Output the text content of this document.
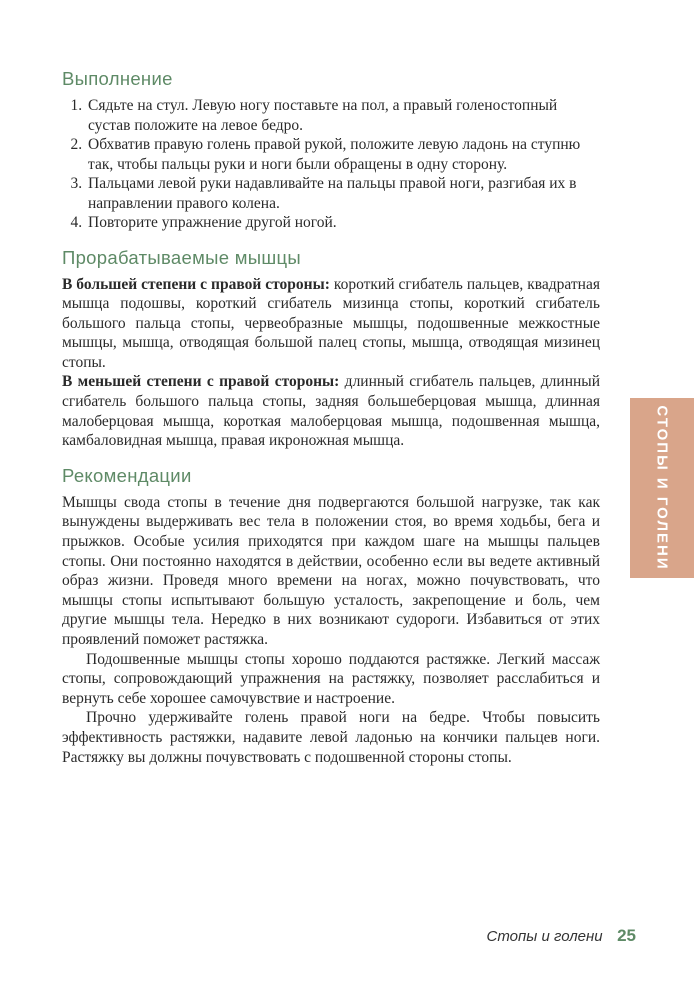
Выполнение
1. Сядьте на стул. Левую ногу поставьте на пол, а правый голеностопный сустав положите на левое бедро.
2. Обхватив правую голень правой рукой, положите левую ладонь на ступню так, чтобы пальцы руки и ноги были обращены в одну сторону.
3. Пальцами левой руки надавливайте на пальцы правой ноги, разгибая их в направлении правого колена.
4. Повторите упражнение другой ногой.
Прорабатываемые мышцы

В большей степени с правой стороны: короткий сгибатель пальцев, квадратная мышца подошвы, короткий сгибатель мизинца стопы, короткий сгибатель большого пальца стопы, червеобразные мышцы, подошвенные межкостные мышцы, мышца, отводящая большой палец стопы, мышца, отводящая мизинец стопы.

В меньшей степени с правой стороны: длинный сгибатель пальцев, длинный сгибатель большого пальца стопы, задняя большеберцовая мышца, длинная малоберцовая мышца, короткая малоберцовая мышца, подошвенная мышца, камбаловидная мышца, правая икроножная мышца.

Рекомендации

Мышцы свода стопы в течение дня подвергаются большой нагрузке, так как вынуждены выдерживать вес тела в положении стоя, во время ходьбы, бега и прыжков. Особые усилия приходятся при каждом шаге на мышцы пальцев стопы. Они постоянно находятся в действии, особенно если вы ведете активный образ жизни. Проведя много времени на ногах, можно почувствовать, что мышцы стопы испытывают большую усталость, закрепощение и боль, чем другие мышцы тела. Нередко в них возникают судороги. Избавиться от этих проявлений поможет растяжка.

Подошвенные мышцы стопы хорошо поддаются растяжке. Легкий массаж стопы, сопровождающий упражнения на растяжку, позволяет расслабиться и вернуть себе хорошее самочувствие и настроение.

Прочно удерживайте голень правой ноги на бедре. Чтобы повысить эффективность растяжки, надавите левой ладонью на кончики пальцев ноги. Растяжку вы должны почувствовать с подошвенной стороны стопы.

СТОПЫ И ГОЛЕНИ
Стопы и голени 25
